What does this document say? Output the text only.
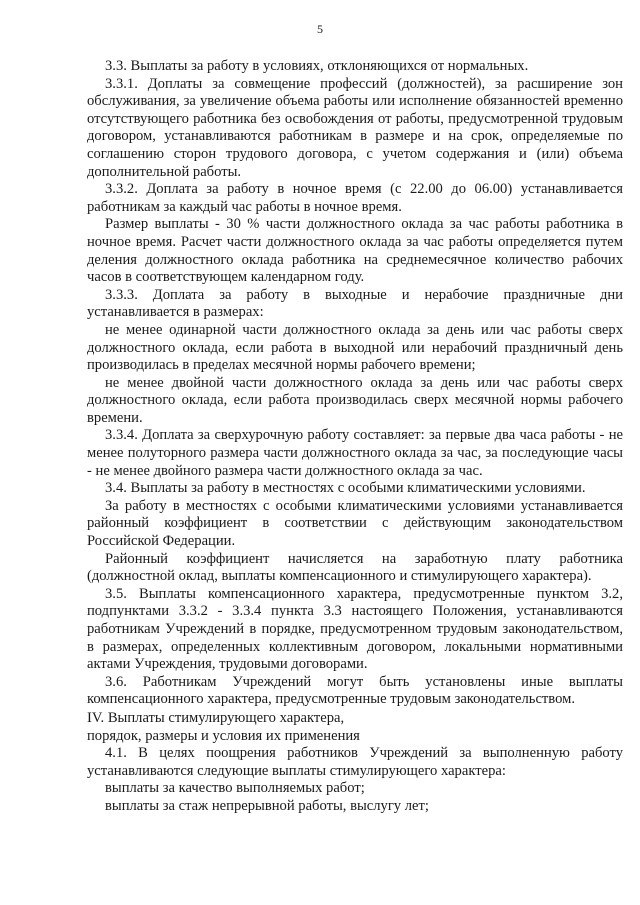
5

3.3. Выплаты за работу в условиях, отклоняющихся от нормальных.

3.3.1. Доплаты за совмещение профессий (должностей), за расширение зон обслуживания, за увеличение объема работы или исполнение обязанностей временно отсутствующего работника без освобождения от работы, предусмотренной трудовым договором, устанавливаются работникам в размере и на срок, определяемые по соглашению сторон трудового договора, с учетом содержания и (или) объема дополнительной работы.

3.3.2. Доплата за работу в ночное время (с 22.00 до 06.00) устанавливается работникам за каждый час работы в ночное время.

Размер выплаты - 30 % части должностного оклада за час работы работника в ночное время. Расчет части должностного оклада за час работы определяется путем деления должностного оклада работника на среднемесячное количество рабочих часов в соответствующем календарном году.

3.3.3. Доплата за работу в выходные и нерабочие праздничные дни устанавливается в размерах:

не менее одинарной части должностного оклада за день или час работы сверх должностного оклада, если работа в выходной или нерабочий праздничный день производилась в пределах месячной нормы рабочего времени;

не менее двойной части должностного оклада за день или час работы сверх должностного оклада, если работа производилась сверх месячной нормы рабочего времени.

3.3.4. Доплата за сверхурочную работу составляет: за первые два часа работы - не менее полуторного размера части должностного оклада за час, за последующие часы - не менее двойного размера части должностного оклада за час.

3.4. Выплаты за работу в местностях с особыми климатическими условиями.

За работу в местностях с особыми климатическими условиями устанавливается районный коэффициент в соответствии с действующим законодательством Российской Федерации.

Районный коэффициент начисляется на заработную плату работника (должностной оклад, выплаты компенсационного и стимулирующего характера).

3.5. Выплаты компенсационного характера, предусмотренные пунктом 3.2, подпунктами 3.3.2 - 3.3.4 пункта 3.3 настоящего Положения, устанавливаются работникам Учреждений в порядке, предусмотренном трудовым законодательством, в размерах, определенных коллективным договором, локальными нормативными актами Учреждения, трудовыми договорами.

3.6. Работникам Учреждений могут быть установлены иные выплаты компенсационного характера, предусмотренные трудовым законодательством.

IV. Выплаты стимулирующего характера,
порядок, размеры и условия их применения

4.1. В целях поощрения работников Учреждений за выполненную работу устанавливаются следующие выплаты стимулирующего характера:

выплаты за качество выполняемых работ;

выплаты за стаж непрерывной работы, выслугу лет;
